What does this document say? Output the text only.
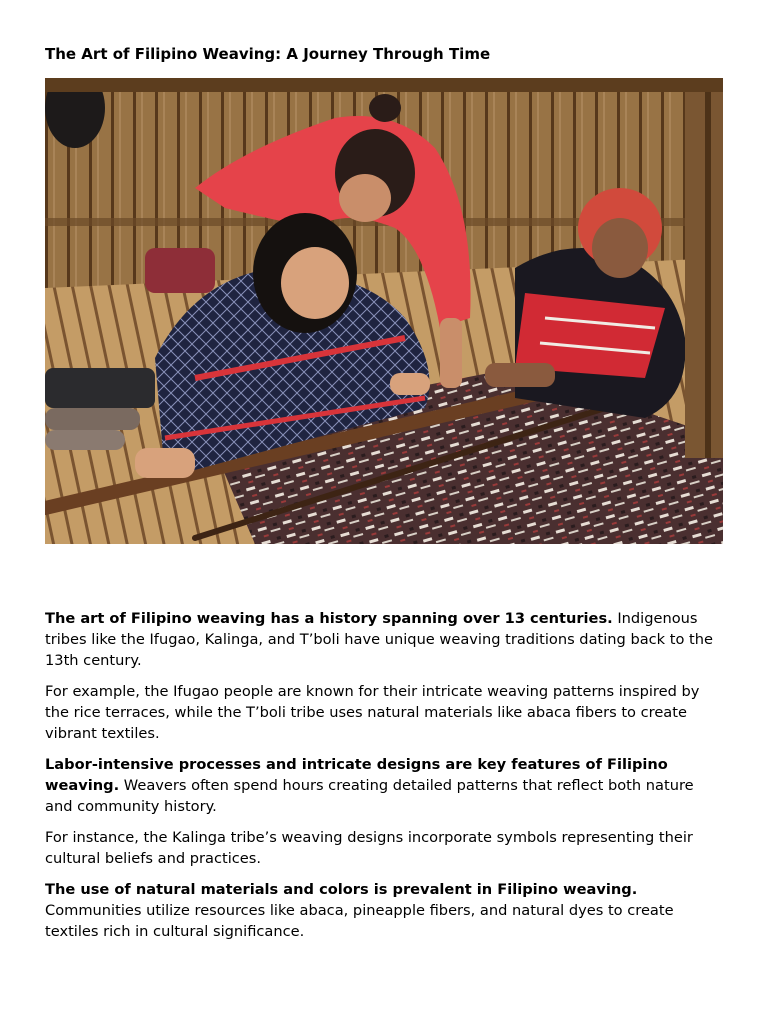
The Art of Filipino Weaving: A Journey Through Time

The art of Filipino weaving has a history spanning over 13 centuries. Indigenous tribes like the Ifugao, Kalinga, and T’boli have unique weaving traditions dating back to the 13th century.

For example, the Ifugao people are known for their intricate weaving patterns inspired by the rice terraces, while the T’boli tribe uses natural materials like abaca fibers to create vibrant textiles.

Labor-intensive processes and intricate designs are key features of Filipino weaving. Weavers often spend hours creating detailed patterns that reflect both nature and community history.

For instance, the Kalinga tribe’s weaving designs incorporate symbols representing their cultural beliefs and practices.

The use of natural materials and colors is prevalent in Filipino weaving. Communities utilize resources like abaca, pineapple fibers, and natural dyes to create textiles rich in cultural significance.
